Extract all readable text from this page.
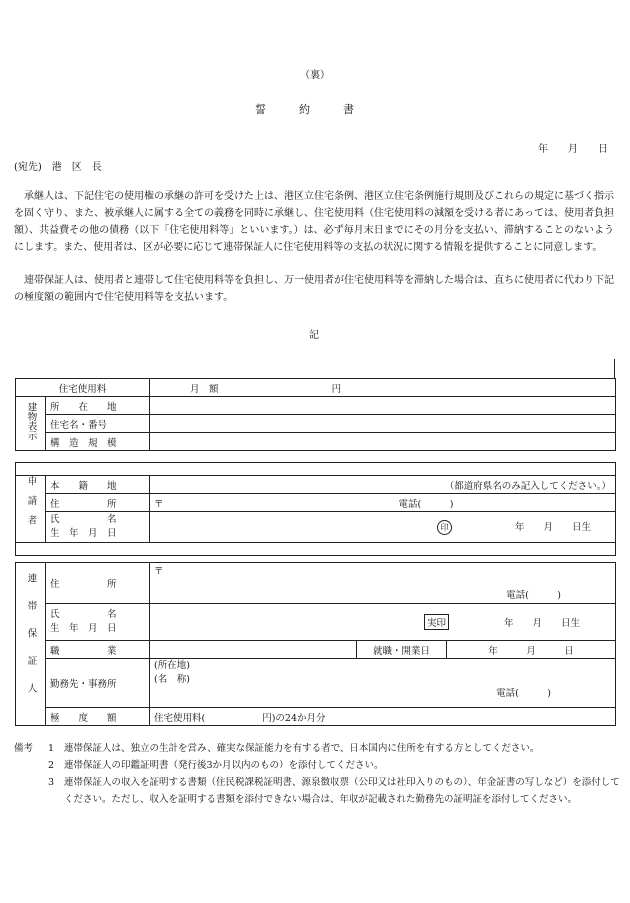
（裏）
誓　　　約　　　書
年　　月　　日
(宛先)　港　区　長
承継人は、下記住宅の使用権の承継の許可を受けた上は、港区立住宅条例、港区立住宅条例施行規則及びこれらの規定に基づく指示を固く守り、また、被承継人に属する全ての義務を同時に承継し、住宅使用料（住宅使用料の減額を受ける者にあっては、使用者負担額）、共益費その他の債務（以下「住宅使用料等」といいます。）は、必ず毎月末日までにその月分を支払い、滞納することのないようにします。また、使用者は、区が必要に応じて連帯保証人に住宅使用料等の支払の状況に関する情報を提供することに同意します。
連帯保証人は、使用者と連帯して住宅使用料等を負担し、万一使用者が住宅使用料等を滞納した場合は、直ちに使用者に代わり下記の極度額の範囲内で住宅使用料等を支払います。
記
住宅使用料		月　額 円
建物表示	所　　在　　地	
	住宅名・番号	
	構　造　規　模	

申請者	本　　籍　　地	（都道府県名のみ記入してください。）
	住　　　　　所	〒 電話(　　　)

	氏　　　　　名
生　年　月　日	印 年　　月　　日生

連帯保証人	住　　　　　所	〒
電話(　　　)		

	氏　　　　　名
生　年　月　日	実印 年　　月　　日生		
	職　　　　　業		就職・開業日	年　　　月　　　日
	勤務先・事務所	(所在地)
(名　称)
電話(　　　)		

	極　　度　　額	住宅使用料(　　　　　　円)の24か月分		
備考	1	連帯保証人は、独立の生計を営み、確実な保証能力を有する者で、日本国内に住所を有する方としてください。
2	連帯保証人の印鑑証明書（発行後3か月以内のもの）を添付してください。
3	連帯保証人の収入を証明する書類（住民税課税証明書、源泉徴収票（公印又は社印入りのもの）、年金証書の写しなど）を添付してください。ただし、収入を証明する書類を添付できない場合は、年収が記載された勤務先の証明証を添付してください。
